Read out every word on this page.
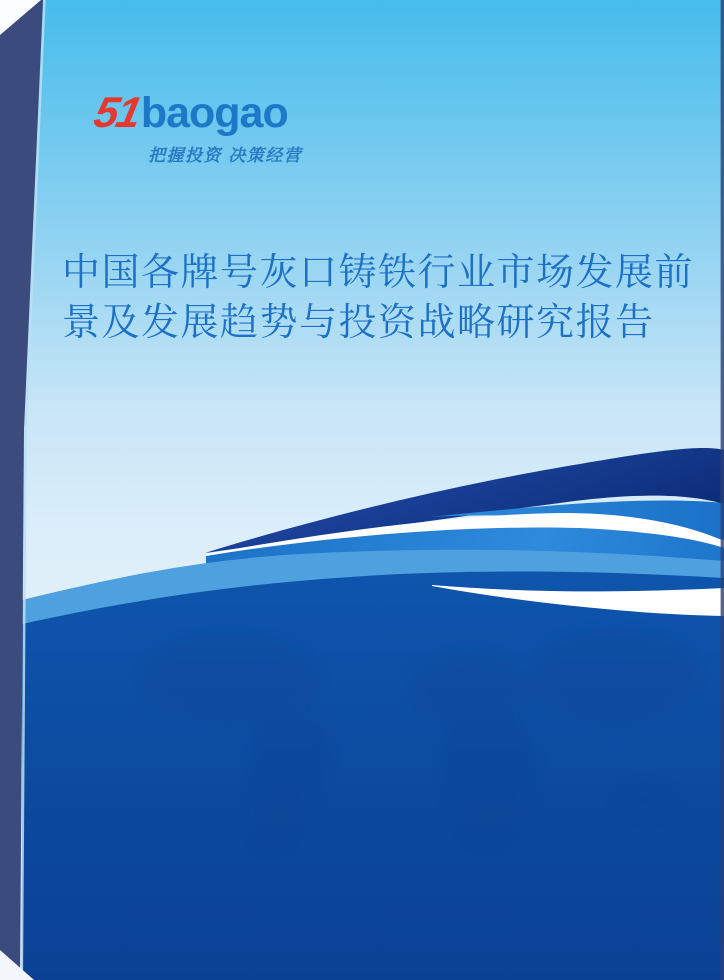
51
baogao
把握投资 决策经营
中国各牌号灰口铸铁行业市场发展前
景及发展趋势与投资战略研究报告
